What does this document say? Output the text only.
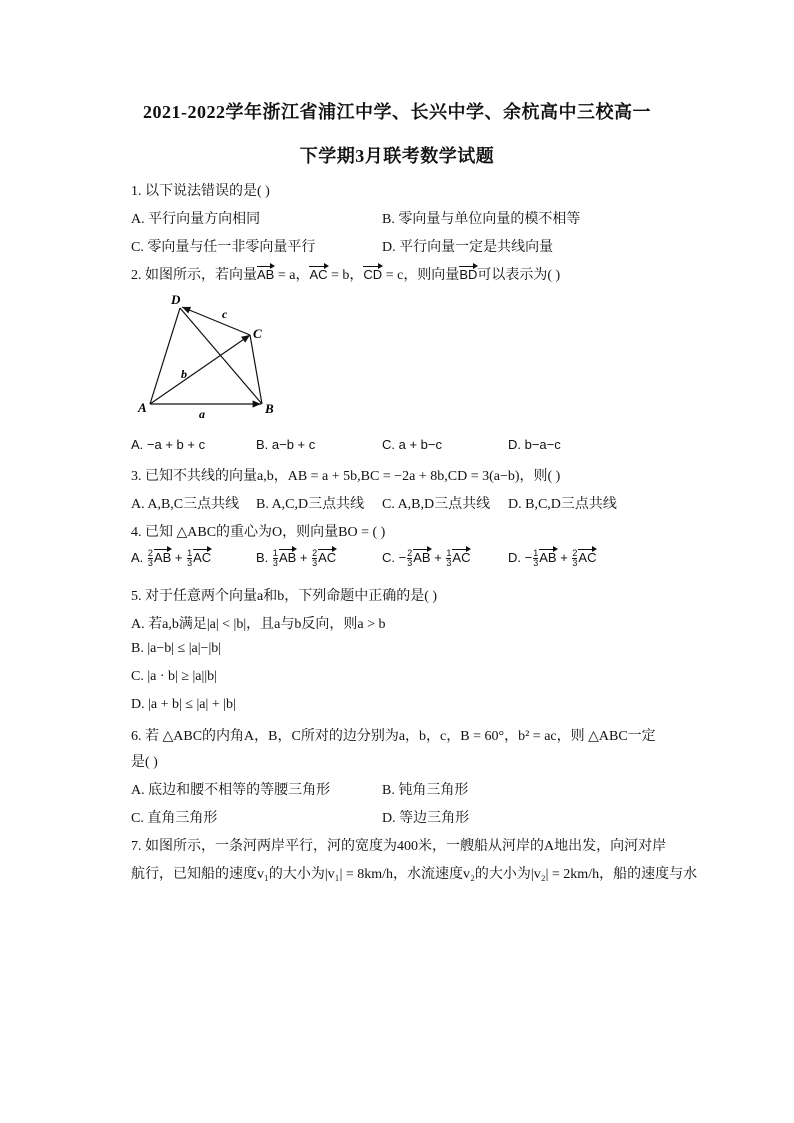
2021-2022学年浙江省浦江中学、长兴中学、余杭高中三校高一
下学期3月联考数学试题
1. 以下说法错误的是( )
A. 平行向量方向相同	B. 零向量与单位向量的模不相等
C. 零向量与任一非零向量平行	D. 平行向量一定是共线向量
2. 如图所示，若向量AB = a，AC = b，CD = c，则向量BD可以表示为( )
A	B
C
D
a
b
c
A. −a + b + c	B. a−b + c	C. a + b−c	D. b−a−c
3. 已知不共线的向量a,b，AB = a + 5b,BC = −2a + 8b,CD = 3(a−b)，则( )
A. A,B,C三点共线 B. A,C,D三点共线 C. A,B,D三点共线 D. B,C,D三点共线
4. 已知 △ABC的重心为O，则向量BO = ( )
A. $\frac{2}{3}$ AB + $\frac{1}{3}$ AC	B. $\frac{1}{3}$ AB + $\frac{2}{3}$ AC	C. − $\frac{2}{3}$ AB + $\frac{1}{3}$ AC	D. − $\frac{1}{3}$ AB + $\frac{2}{3}$ AC
5. 对于任意两个向量a和b，下列命题中正确的是( )
A. 若a,b满足|a| < |b|，且a与b反向，则a > b
B. |a−b| ≤ |a|−|b|
C. |a · b| ≥ |a||b|
D. |a + b| ≤ |a| + |b|
6. 若 △ABC的内角A，B，C所对的边分别为a，b，c，B = 60°，b² = ac，则 △ABC一定
是( )
A. 底边和腰不相等的等腰三角形	B. 钝角三角形
C. 直角三角形	D. 等边三角形
7. 如图所示，一条河两岸平行，河的宽度为400米，一艘船从河岸的A地出发，向河对岸
航行，已知船的速度v₁的大小为|v₁| = 8km/h，水流速度v₂的大小为|v₂| = 2km/h，船的速度与水
